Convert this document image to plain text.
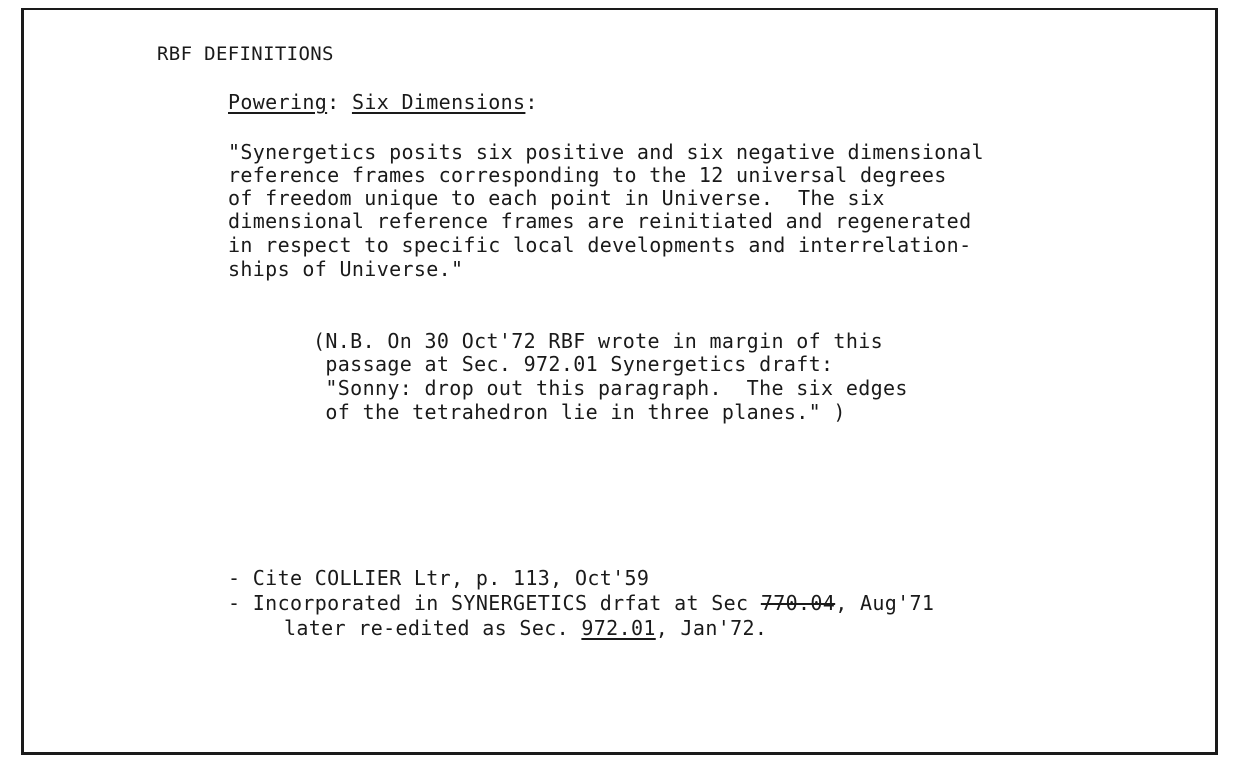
RBF DEFINITIONS
Powering: Six Dimensions:
"Synergetics posits six positive and six negative dimensional
reference frames corresponding to the 12 universal degrees
of freedom unique to each point in Universe.  The six
dimensional reference frames are reinitiated and regenerated
in respect to specific local developments and interrelation-
ships of Universe."
(N.B. On 30 Oct'72 RBF wrote in margin of this
passage at Sec. 972.01 Synergetics draft:
"Sonny: drop out this paragraph.  The six edges
of the tetrahedron lie in three planes." )
- Cite COLLIER Ltr, p. 113, Oct'59
- Incorporated in SYNERGETICS drfat at Sec 770.04, Aug'71
later re-edited as Sec. 972.01, Jan'72.
